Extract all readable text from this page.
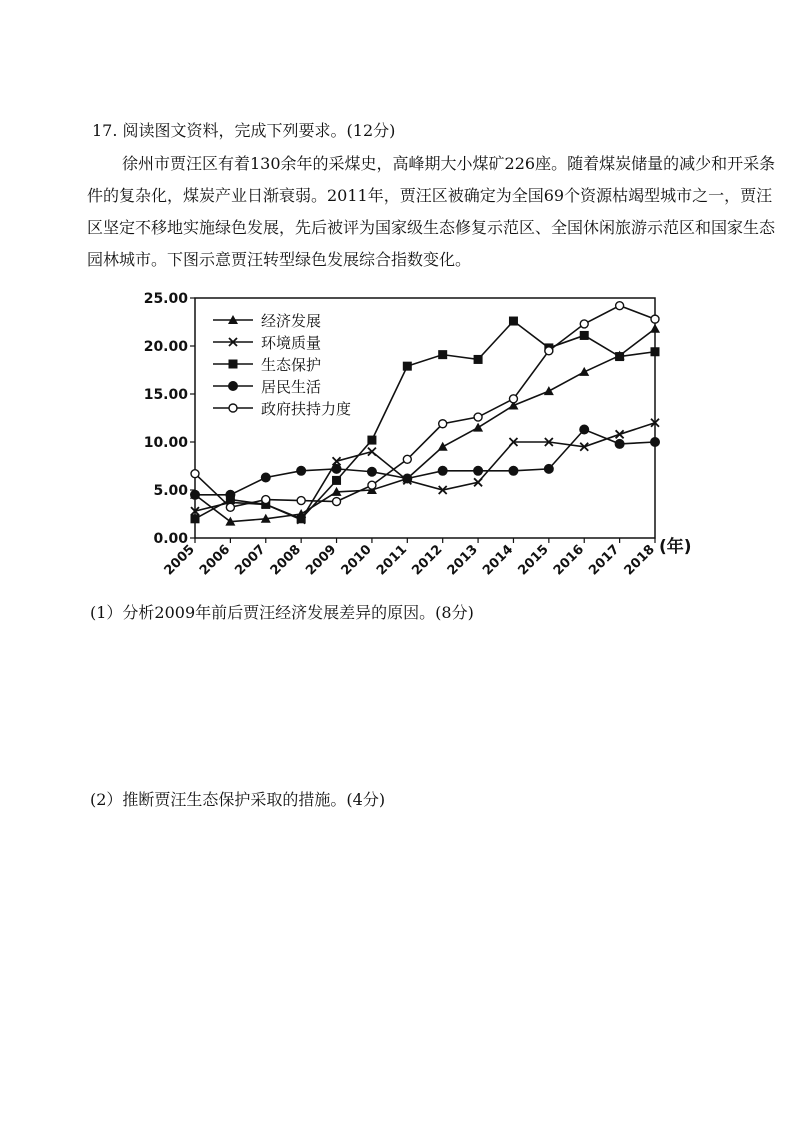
17. 阅读图文资料，完成下列要求。(12分)
徐州市贾汪区有着130余年的采煤史，高峰期大小煤矿226座。随着煤炭储量的减少和开采条件的复杂化，煤炭产业日渐衰弱。2011年，贾汪区被确定为全国69个资源枯竭型城市之一，贾汪区坚定不移地实施绿色发展，先后被评为国家级生态修复示范区、全国休闲旅游示范区和国家生态园林城市。下图示意贾汪转型绿色发展综合指数变化。
0.00
5.00
10.00
15.00
20.00
25.00
2005 2006 2007 2008 2009 2010 2011 2012 2013 2014 2015 2016 2017 2018 (年)
经济发展
环境质量
生态保护
居民生活
政府扶持力度
(1）分析2009年前后贾汪经济发展差异的原因。(8分)
(2）推断贾汪生态保护采取的措施。(4分)
